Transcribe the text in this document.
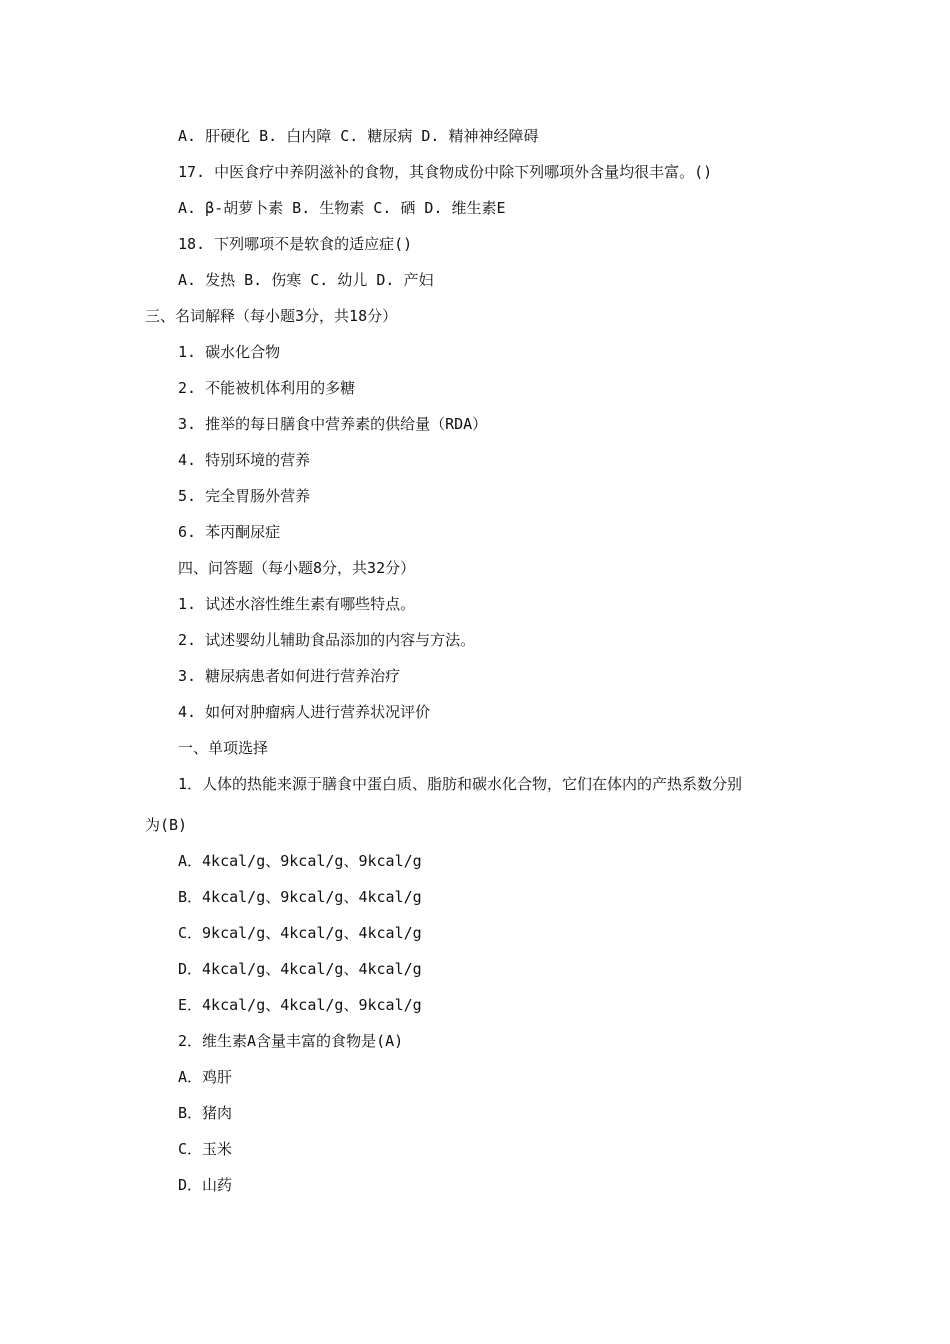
A. 肝硬化 B. 白内障 C. 糖尿病 D. 精神神经障碍
17. 中医食疗中养阴滋补的食物，其食物成份中除下列哪项外含量均很丰富。()
A. β-胡萝卜素 B. 生物素 C. 硒 D. 维生素E
18. 下列哪项不是软食的适应症()
A. 发热 B. 伤寒 C. 幼儿 D. 产妇
三、名词解释（每小题3分，共18分）
1. 碳水化合物
2. 不能被机体利用的多糖
3. 推举的每日膳食中营养素的供给量（RDA）
4. 特别环境的营养
5. 完全胃肠外营养
6. 苯丙酮尿症
四、问答题（每小题8分，共32分）
1. 试述水溶性维生素有哪些特点。
2. 试述婴幼儿辅助食品添加的内容与方法。
3. 糖尿病患者如何进行营养治疗
4. 如何对肿瘤病人进行营养状况评价
一、单项选择
1．人体的热能来源于膳食中蛋白质、脂肪和碳水化合物，它们在体内的产热系数分别
为(B)
A．4kcal/g、9kcal/g、9kcal/g
B．4kcal/g、9kcal/g、4kcal/g
C．9kcal/g、4kcal/g、4kcal/g
D．4kcal/g、4kcal/g、4kcal/g
E．4kcal/g、4kcal/g、9kcal/g
2．维生素A含量丰富的食物是(A)
A．鸡肝
B．猪肉
C．玉米
D．山药
